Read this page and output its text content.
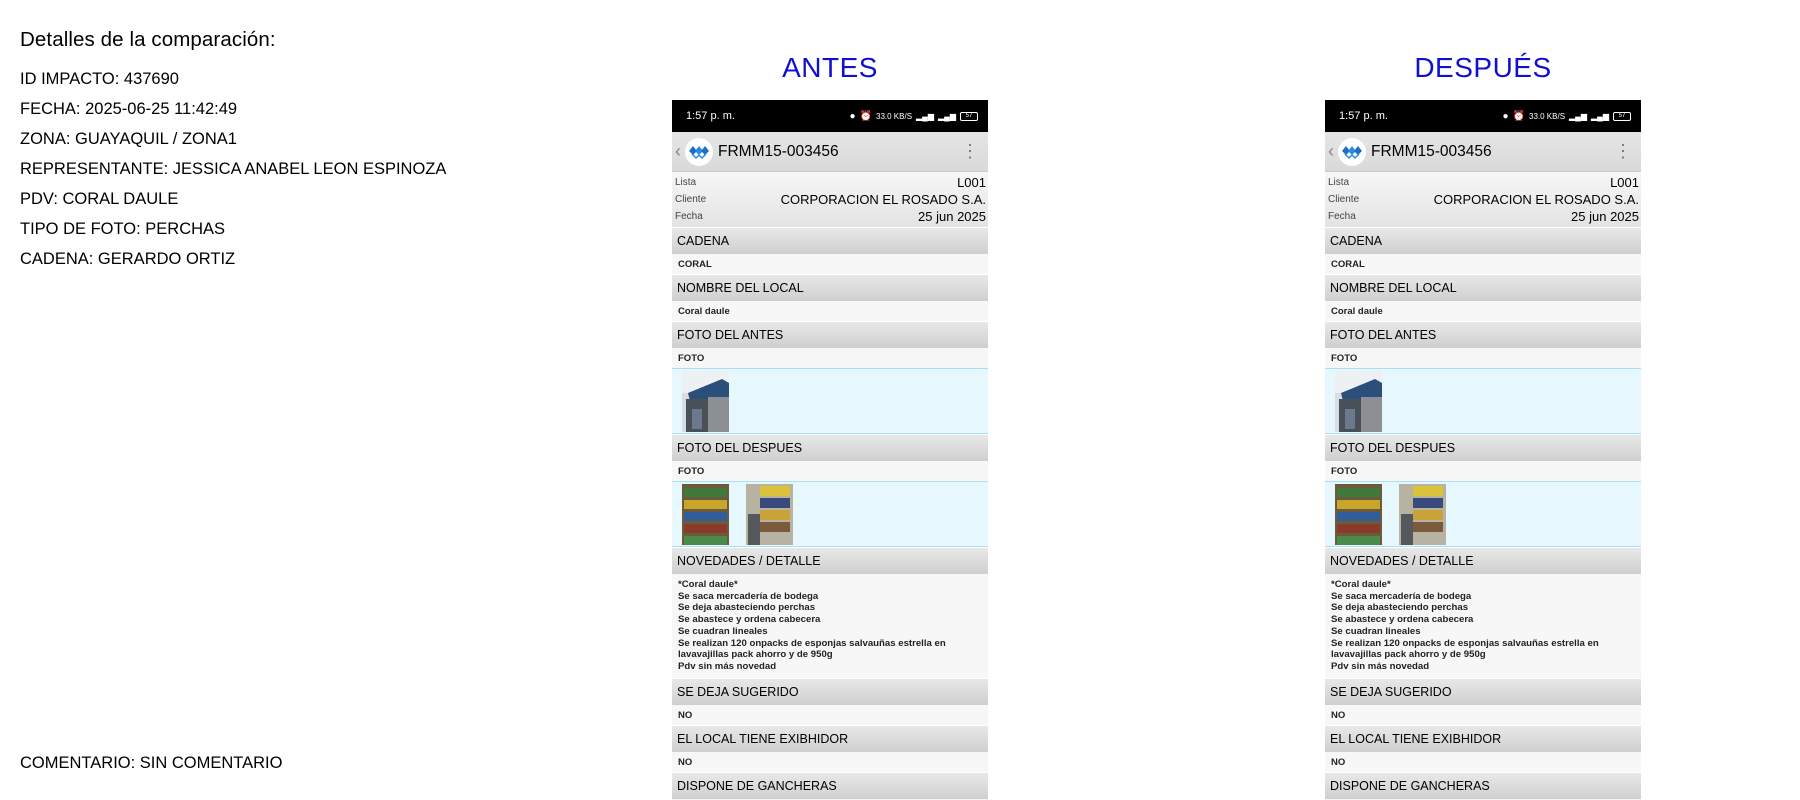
Detalles de la comparación:
ID IMPACTO: 437690
FECHA: 2025-06-25 11:42:49
ZONA: GUAYAQUIL / ZONA1
REPRESENTANTE: JESSICA ANABEL LEON ESPINOZA
PDV: CORAL DAULE
TIPO DE FOTO: PERCHAS
CADENA: GERARDO ORTIZ
COMENTARIO: SIN COMENTARIO
ANTES	DESPUÉS
1:57 p. m.	● ⏰ 33.0 KB/S ▂▄▆ ▂▄▆	57
‹ FRMM15-003456	⋮
Lista	L001
Cliente	CORPORACION EL ROSADO S.A.
Fecha	25 jun 2025
CADENA
CORAL
NOMBRE DEL LOCAL
Coral daule
FOTO DEL ANTES
FOTO
FOTO DEL DESPUES
FOTO
NOVEDADES / DETALLE
*Coral daule*
Se saca mercadería de bodega
Se deja abasteciendo perchas
Se abastece y ordena cabecera
Se cuadran lineales
Se realizan 120 onpacks de esponjas salvauñas estrella en
lavavajillas pack ahorro y de 950g
Pdv sin más novedad
SE DEJA SUGERIDO
NO
EL LOCAL TIENE EXIBHIDOR
NO
DISPONE DE GANCHERAS
1:57 p. m.	● ⏰ 33.0 KB/S ▂▄▆ ▂▄▆	57
‹ FRMM15-003456	⋮
Lista	L001
Cliente	CORPORACION EL ROSADO S.A.
Fecha	25 jun 2025
CADENA
CORAL
NOMBRE DEL LOCAL
Coral daule
FOTO DEL ANTES
FOTO
FOTO DEL DESPUES
FOTO
NOVEDADES / DETALLE
*Coral daule*
Se saca mercadería de bodega
Se deja abasteciendo perchas
Se abastece y ordena cabecera
Se cuadran lineales
Se realizan 120 onpacks de esponjas salvauñas estrella en
lavavajillas pack ahorro y de 950g
Pdv sin más novedad
SE DEJA SUGERIDO
NO
EL LOCAL TIENE EXIBHIDOR
NO
DISPONE DE GANCHERAS
